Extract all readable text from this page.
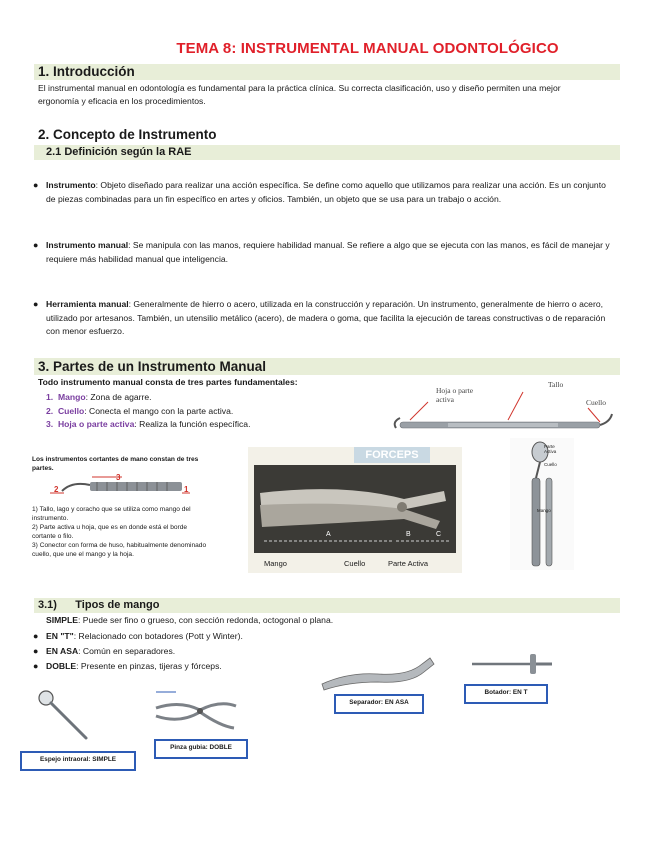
TEMA 8: INSTRUMENTAL MANUAL ODONTOLÓGICO
1. Introducción
El instrumental manual en odontología es fundamental para la práctica clínica. Su correcta clasificación, uso y diseño permiten una mejor ergonomía y eficacia en los procedimientos.
2. Concepto de Instrumento
2.1 Definición según la RAE
● Instrumento: Objeto diseñado para realizar una acción específica. Se define como aquello que utilizamos para realizar una acción. Es un conjunto de piezas combinadas para un fin específico en artes y oficios. También, un objeto que se usa para un trabajo o acción.
● Instrumento manual: Se manipula con las manos, requiere habilidad manual. Se refiere a algo que se ejecuta con las manos, es fácil de manejar y requiere más habilidad manual que inteligencia.
● Herramienta manual: Generalmente de hierro o acero, utilizada en la construcción y reparación. Un instrumento, generalmente de hierro o acero, utilizado por artesanos. También, un utensilio metálico (acero), de madera o goma, que facilita la ejecución de tareas constructivas o de reparación con menor esfuerzo.
3. Partes de un Instrumento Manual
Todo instrumento manual consta de tres partes fundamentales:
1. Mango: Zona de agarre.
2. Cuello: Conecta el mango con la parte activa.
3. Hoja o parte activa: Realiza la función específica.
Hoja o parte
activa
Tallo
Cuello
Los instrumentos cortantes de mano constan de tres partes.
2
3
1
1) Tallo, lago y coracho que se utiliza como mango del instrumento.
2) Parte activa u hoja, que es en donde está el borde cortante o filo.
3) Conector con forma de huso, habitualmente denominado cuello, que une el mango y la hoja.
FORCEPS
A	B	C
Mango	Cuello	Parte Activa
Parte
Activa
Cuello
Mango
3.1)      Tipos de mango
SIMPLE: Puede ser fino o grueso, con sección redonda, octogonal o plana.
● EN "T": Relacionado con botadores (Pott y Winter).
● EN ASA: Común en separadores.
● DOBLE: Presente en pinzas, tijeras y fórceps.
Espejo intraoral: SIMPLE
Pinza gubia: DOBLE
Separador: EN ASA
Botador: EN T
